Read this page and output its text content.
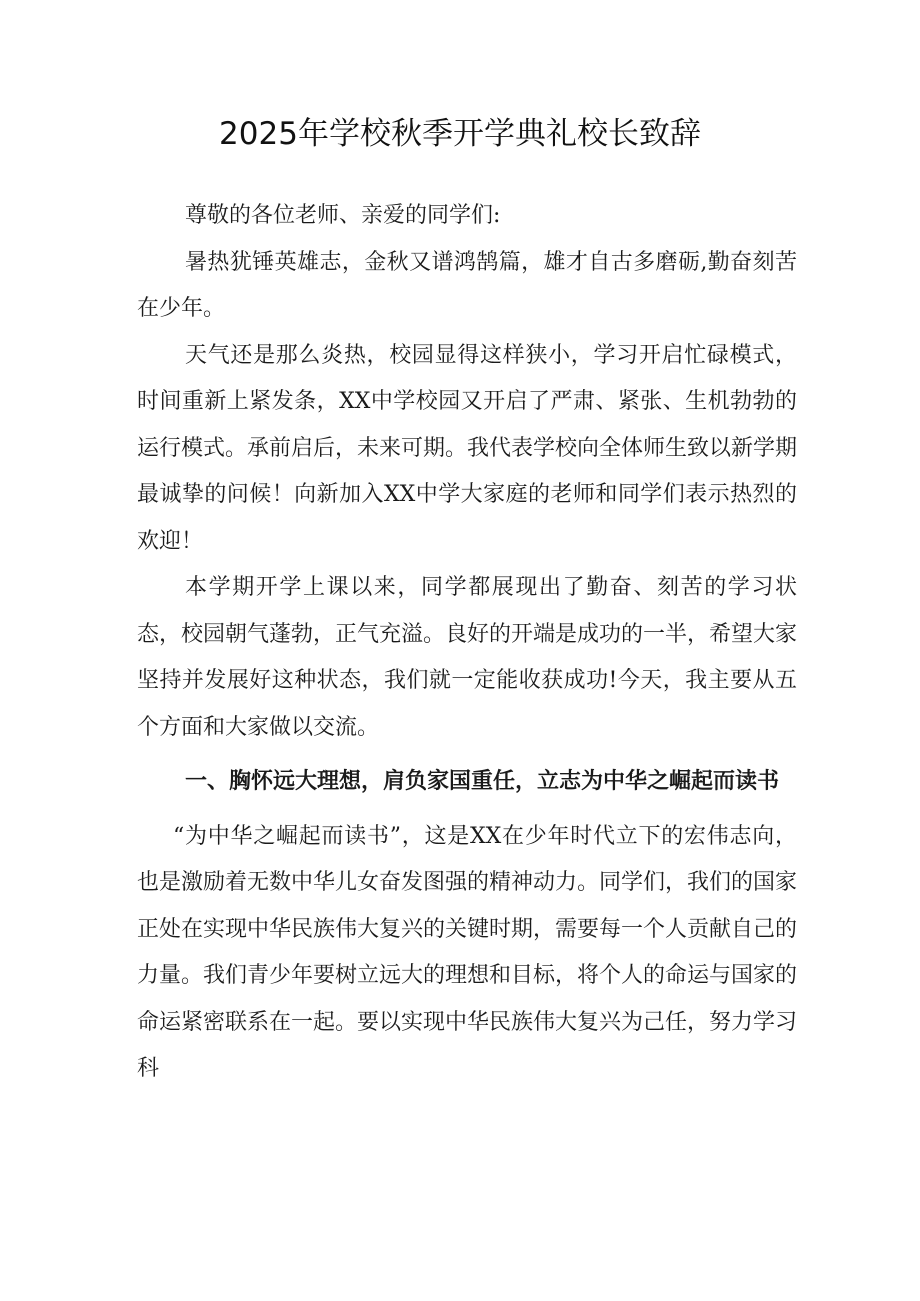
2025年学校秋季开学典礼校长致辞

尊敬的各位老师、亲爱的同学们:

暑热犹锤英雄志，金秋又谱鸿鹄篇，雄才自古多磨砺,勤奋刻苦在少年。

天气还是那么炎热，校园显得这样狭小，学习开启忙碌模式，时间重新上紧发条，XX中学校园又开启了严肃、紧张、生机勃勃的运行模式。承前启后，未来可期。我代表学校向全体师生致以新学期最诚挚的问候！向新加入XX中学大家庭的老师和同学们表示热烈的欢迎！

本学期开学上课以来，同学都展现出了勤奋、刻苦的学习状态，校园朝气蓬勃，正气充溢。良好的开端是成功的一半，希望大家坚持并发展好这种状态，我们就一定能收获成功!今天，我主要从五个方面和大家做以交流。

一、胸怀远大理想，肩负家国重任，立志为中华之崛起而读书

“为中华之崛起而读书”，这是XX在少年时代立下的宏伟志向，也是激励着无数中华儿女奋发图强的精神动力。同学们，我们的国家正处在实现中华民族伟大复兴的关键时期，需要每一个人贡献自己的力量。我们青少年要树立远大的理想和目标，将个人的命运与国家的命运紧密联系在一起。要以实现中华民族伟大复兴为己任，努力学习科
